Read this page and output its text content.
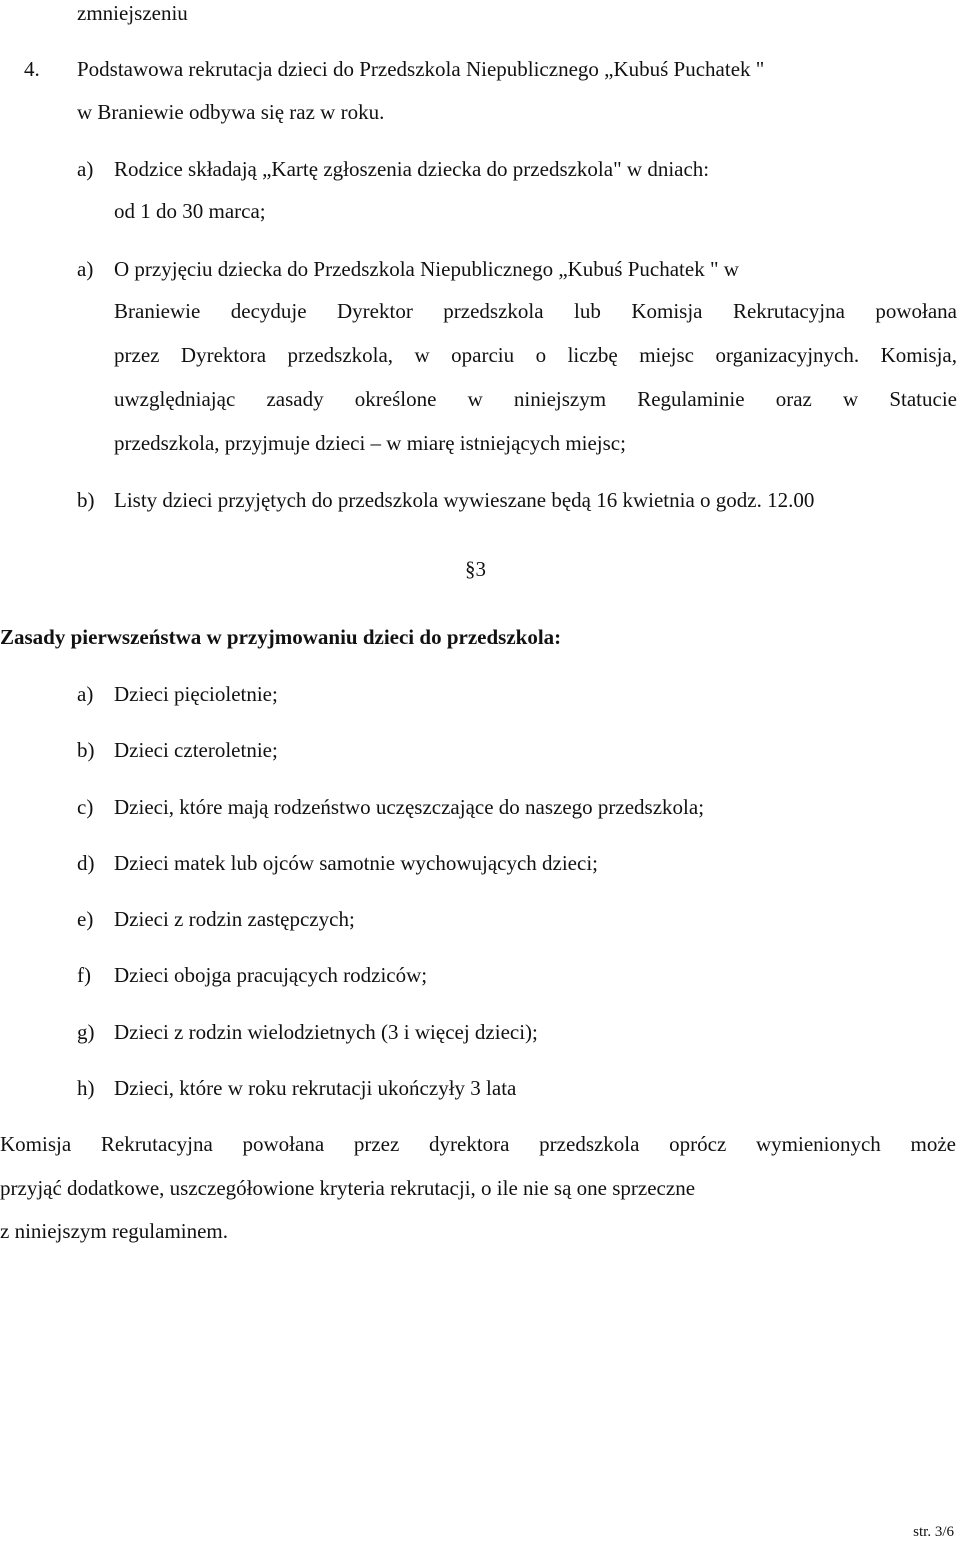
zmniejszeniu
4. Podstawowa rekrutacja dzieci do Przedszkola Niepublicznego „Kubuś Puchatek "
w Braniewie odbywa się raz w roku.
a) Rodzice składają „Kartę zgłoszenia dziecka do przedszkola" w dniach:
od 1 do 30 marca;
a) O przyjęciu dziecka do Przedszkola Niepublicznego „Kubuś Puchatek " w
Braniewie decyduje Dyrektor przedszkola lub Komisja Rekrutacyjna powołana
przez Dyrektora przedszkola, w oparciu o liczbę miejsc organizacyjnych. Komisja,
uwzględniając zasady określone w niniejszym Regulaminie oraz w Statucie
przedszkola, przyjmuje dzieci – w miarę istniejących miejsc;
b) Listy dzieci przyjętych do przedszkola wywieszane będą 16 kwietnia o godz. 12.00
§3
Zasady pierwszeństwa w przyjmowaniu dzieci do przedszkola:
a) Dzieci pięcioletnie;
b) Dzieci czteroletnie;
c) Dzieci, które mają rodzeństwo uczęszczające do naszego przedszkola;
d) Dzieci matek lub ojców samotnie wychowujących dzieci;
e) Dzieci z rodzin zastępczych;
f) Dzieci obojga pracujących rodziców;
g) Dzieci z rodzin wielodzietnych (3 i więcej dzieci);
h) Dzieci, które w roku rekrutacji ukończyły 3 lata
Komisja Rekrutacyjna powołana przez dyrektora przedszkola oprócz wymienionych może
przyjąć dodatkowe, uszczegółowione kryteria rekrutacji, o ile nie są one sprzeczne
z niniejszym regulaminem.
str. 3/6
